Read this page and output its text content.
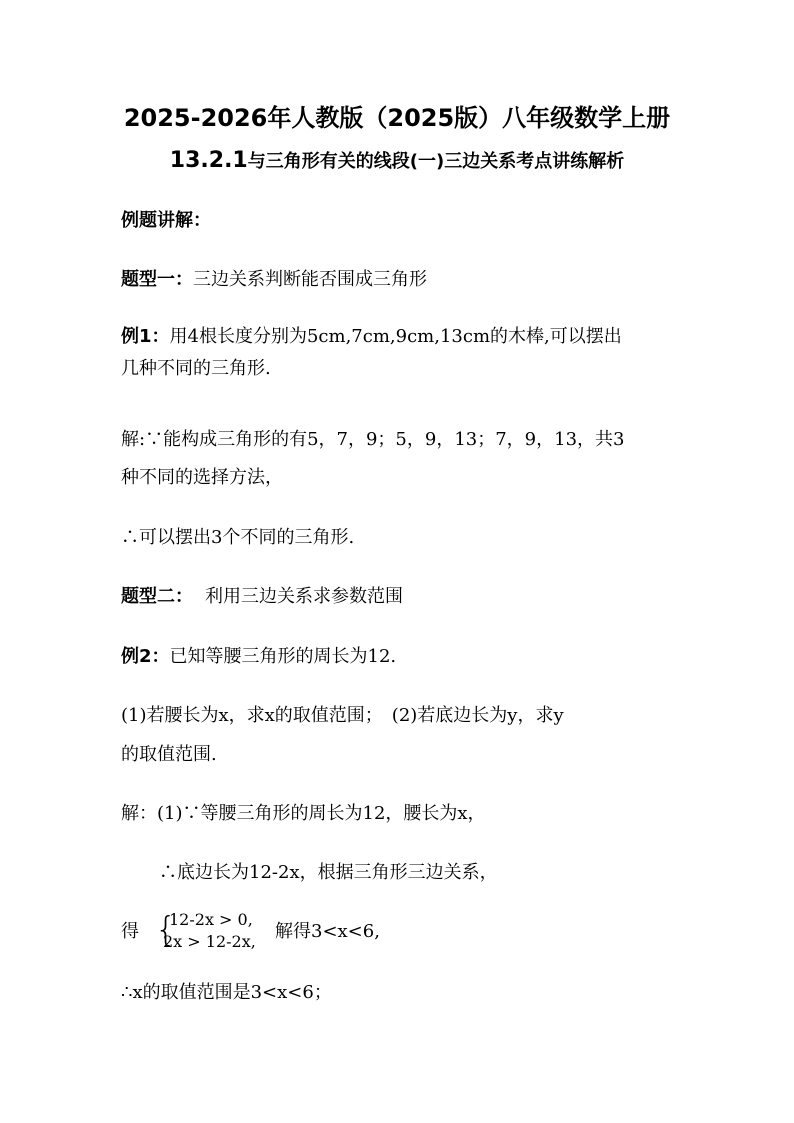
2025-2026年人教版（2025版）八年级数学上册
13.2.1与三角形有关的线段(一)三边关系考点讲练解析
例题讲解：
题型一：三边关系判断能否围成三角形
例1：用4根长度分别为5cm,7cm,9cm,13cm的木棒,可以摆出
几种不同的三角形.
解:∵能构成三角形的有5，7，9；5，9，13；7，9，13，共3
种不同的选择方法，
∴可以摆出3个不同的三角形.
题型二： 利用三边关系求参数范围
例2：已知等腰三角形的周长为12.
(1)若腰长为x，求x的取值范围；　(2)若底边长为y，求y
的取值范围.
解：(1)∵等腰三角形的周长为12，腰长为x，
∴底边长为12-2x，根据三角形三边关系，
得 {
12-2x > 0,
2x > 12-2x, 解得3<x<6,
∴x的取值范围是3<x<6；
